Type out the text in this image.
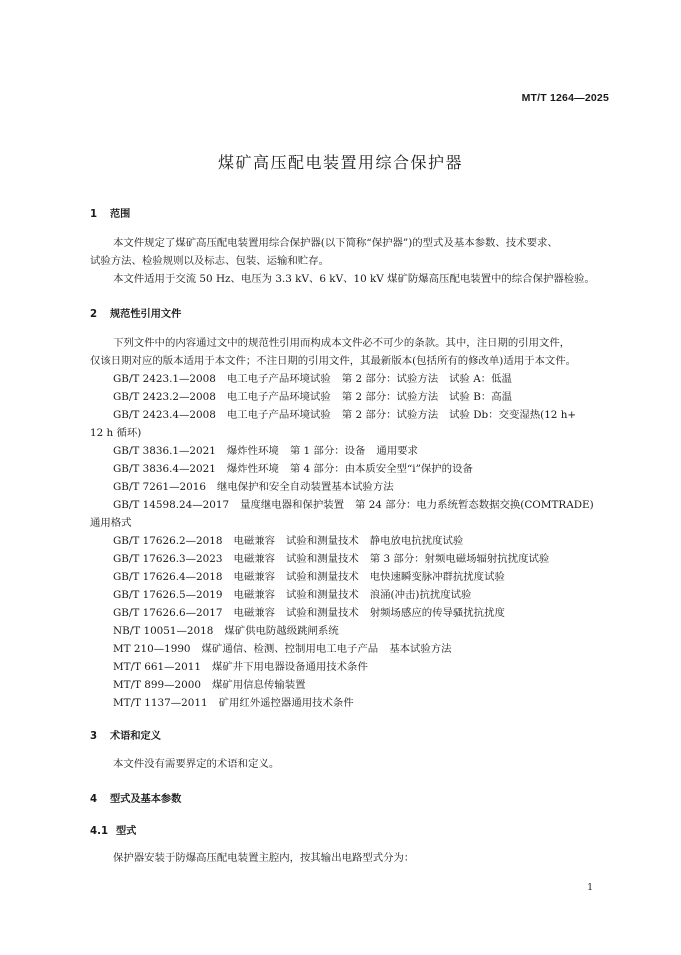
MT/T 1264—2025
煤矿高压配电装置用综合保护器
1 范围
本文件规定了煤矿高压配电装置用综合保护器(以下简称“保护器”)的型式及基本参数、技术要求、
试验方法、检验规则以及标志、包装、运输和贮存。
本文件适用于交流 50 Hz、电压为 3.3 kV、6 kV、10 kV 煤矿防爆高压配电装置中的综合保护器检验。
2 规范性引用文件
下列文件中的内容通过文中的规范性引用而构成本文件必不可少的条款。其中，注日期的引用文件，
仅该日期对应的版本适用于本文件；不注日期的引用文件，其最新版本(包括所有的修改单)适用于本文件。
GB/T 2423.1—2008 电工电子产品环境试验 第 2 部分：试验方法 试验 A：低温
GB/T 2423.2—2008 电工电子产品环境试验 第 2 部分：试验方法 试验 B：高温
GB/T 2423.4—2008 电工电子产品环境试验 第 2 部分：试验方法 试验 Db：交变湿热(12 h+
12 h 循环)
GB/T 3836.1—2021 爆炸性环境 第 1 部分：设备 通用要求
GB/T 3836.4—2021 爆炸性环境 第 4 部分：由本质安全型“i”保护的设备
GB/T 7261—2016 继电保护和安全自动装置基本试验方法
GB/T 14598.24—2017 量度继电器和保护装置 第 24 部分：电力系统暂态数据交换(COMTRADE)
通用格式
GB/T 17626.2—2018 电磁兼容 试验和测量技术 静电放电抗扰度试验
GB/T 17626.3—2023 电磁兼容 试验和测量技术 第 3 部分：射频电磁场辐射抗扰度试验
GB/T 17626.4—2018 电磁兼容 试验和测量技术 电快速瞬变脉冲群抗扰度试验
GB/T 17626.5—2019 电磁兼容 试验和测量技术 浪涌(冲击)抗扰度试验
GB/T 17626.6—2017 电磁兼容 试验和测量技术 射频场感应的传导骚扰抗扰度
NB/T 10051—2018 煤矿供电防越级跳闸系统
MT 210—1990 煤矿通信、检测、控制用电工电子产品 基本试验方法
MT/T 661—2011 煤矿井下用电器设备通用技术条件
MT/T 899—2000 煤矿用信息传输装置
MT/T 1137—2011 矿用红外遥控器通用技术条件
3 术语和定义
本文件没有需要界定的术语和定义。
4 型式及基本参数
4.1 型式
保护器安装于防爆高压配电装置主腔内，按其输出电路型式分为：
1
